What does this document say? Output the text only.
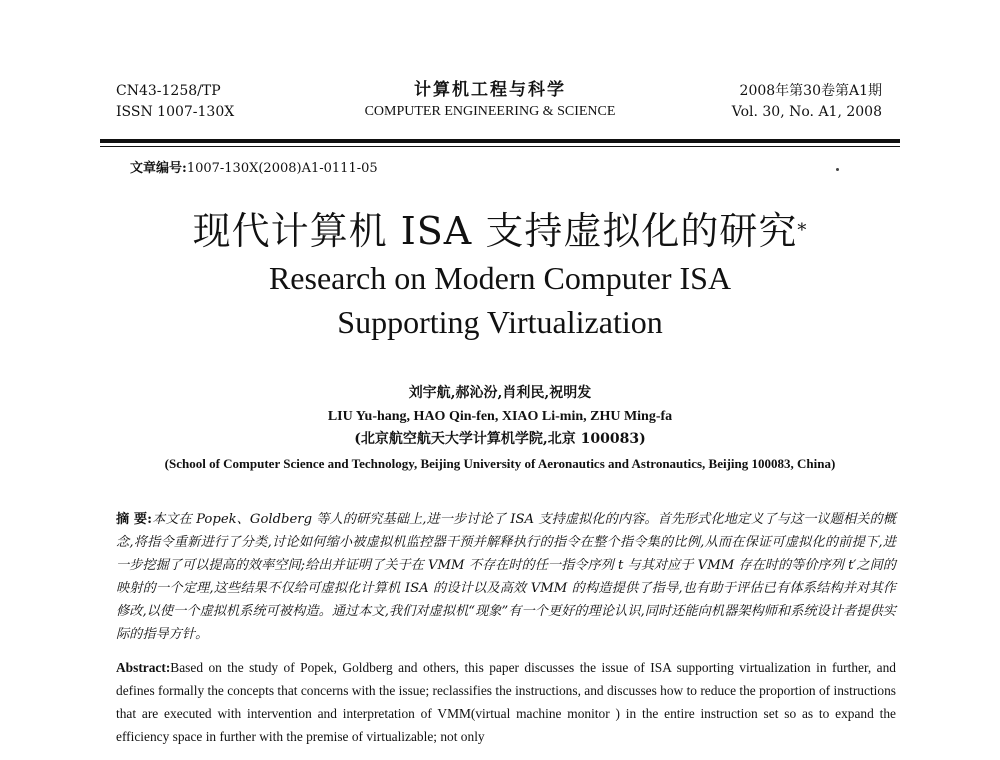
CN43-1258/TP
ISSN 1007-130X
计算机工程与科学
COMPUTER ENGINEERING & SCIENCE
2008年第30卷第A1期
Vol. 30, No. A1, 2008
文章编号:1007-130X(2008)A1-0111-05
现代计算机 ISA 支持虚拟化的研究*
Research on Modern Computer ISA
Supporting Virtualization
刘宇航,郝沁汾,肖利民,祝明发
LIU Yu-hang, HAO Qin-fen, XIAO Li-min, ZHU Ming-fa
(北京航空航天大学计算机学院,北京 100083)
(School of Computer Science and Technology, Beijing University of Aeronautics and Astronautics, Beijing 100083, China)
摘 要:本文在 Popek、Goldberg 等人的研究基础上,进一步讨论了 ISA 支持虚拟化的内容。首先形式化地定义了与这一议题相关的概念,将指令重新进行了分类,讨论如何缩小被虚拟机监控器干预并解释执行的指令在整个指令集的比例,从而在保证可虚拟化的前提下,进一步挖掘了可以提高的效率空间;给出并证明了关于在 VMM 不存在时的任一指令序列 t 与其对应于 VMM 存在时的等价序列 t′之间的映射的一个定理,这些结果不仅给可虚拟化计算机 ISA 的设计以及高效 VMM 的构造提供了指导,也有助于评估已有体系结构并对其作修改,以使一个虚拟机系统可被构造。通过本文,我们对虚拟机“现象”有一个更好的理论认识,同时还能向机器架构师和系统设计者提供实际的指导方针。
Abstract:Based on the study of Popek, Goldberg and others, this paper discusses the issue of ISA supporting virtualization in further, and defines formally the concepts that concerns with the issue; reclassifies the instructions, and discusses how to reduce the proportion of instructions that are executed with intervention and interpretation of VMM(virtual machine monitor ) in the entire instruction set so as to expand the efficiency space in further with the premise of virtualizable; not only
